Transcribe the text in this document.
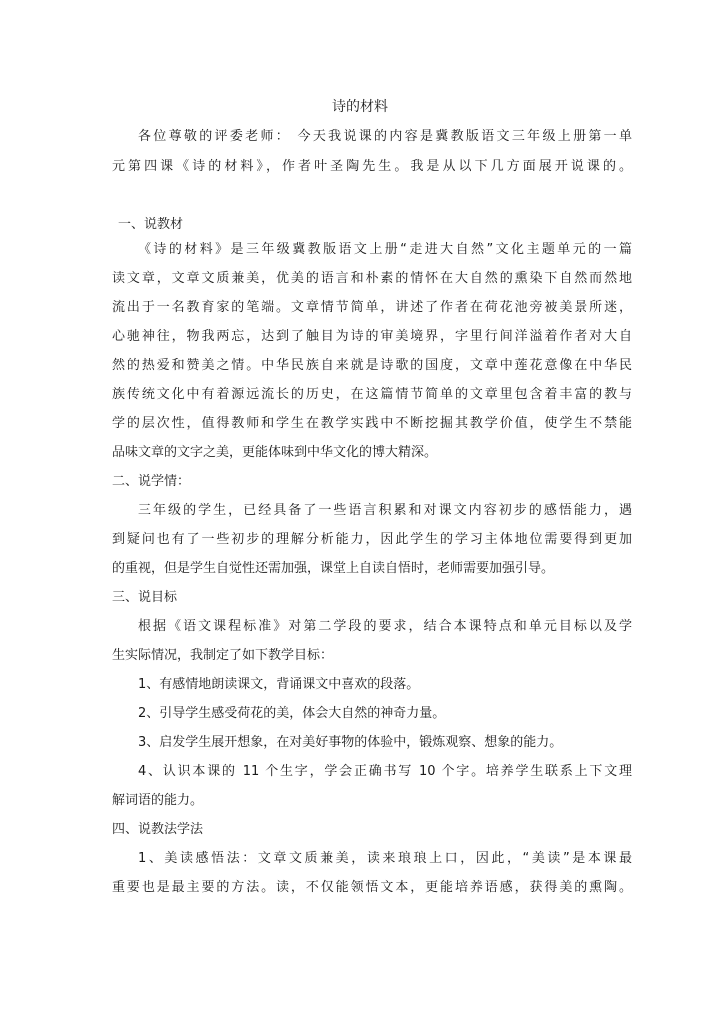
诗的材料
各位尊敬的评委老师： 今天我说课的内容是冀教版语文三年级上册第一单
元第四课《诗的材料》，作者叶圣陶先生。我是从以下几方面展开说课的。
一、说教材
《诗的材料》是三年级冀教版语文上册“走进大自然”文化主题单元的一篇
读文章，文章文质兼美，优美的语言和朴素的情怀在大自然的熏染下自然而然地
流出于一名教育家的笔端。文章情节简单，讲述了作者在荷花池旁被美景所迷，
心驰神往，物我两忘，达到了触目为诗的审美境界，字里行间洋溢着作者对大自
然的热爱和赞美之情。中华民族自来就是诗歌的国度，文章中莲花意像在中华民
族传统文化中有着源远流长的历史，在这篇情节简单的文章里包含着丰富的教与
学的层次性，值得教师和学生在教学实践中不断挖掘其教学价值，使学生不禁能
品味文章的文字之美，更能体味到中华文化的博大精深。
二、说学情：
三年级的学生，已经具备了一些语言积累和对课文内容初步的感悟能力，遇
到疑问也有了一些初步的理解分析能力，因此学生的学习主体地位需要得到更加
的重视，但是学生自觉性还需加强，课堂上自读自悟时，老师需要加强引导。
三、说目标
根据《语文课程标准》对第二学段的要求，结合本课特点和单元目标以及学
生实际情况，我制定了如下教学目标：
1、有感情地朗读课文，背诵课文中喜欢的段落。
2、引导学生感受荷花的美，体会大自然的神奇力量。
3、启发学生展开想象，在对美好事物的体验中，锻炼观察、想象的能力。
4、认识本课的 11 个生字，学会正确书写 10 个字。培养学生联系上下文理
解词语的能力。
四、说教法学法
1、美读感悟法：文章文质兼美，读来琅琅上口，因此，“美读”是本课最
重要也是最主要的方法。读，不仅能领悟文本，更能培养语感，获得美的熏陶。
